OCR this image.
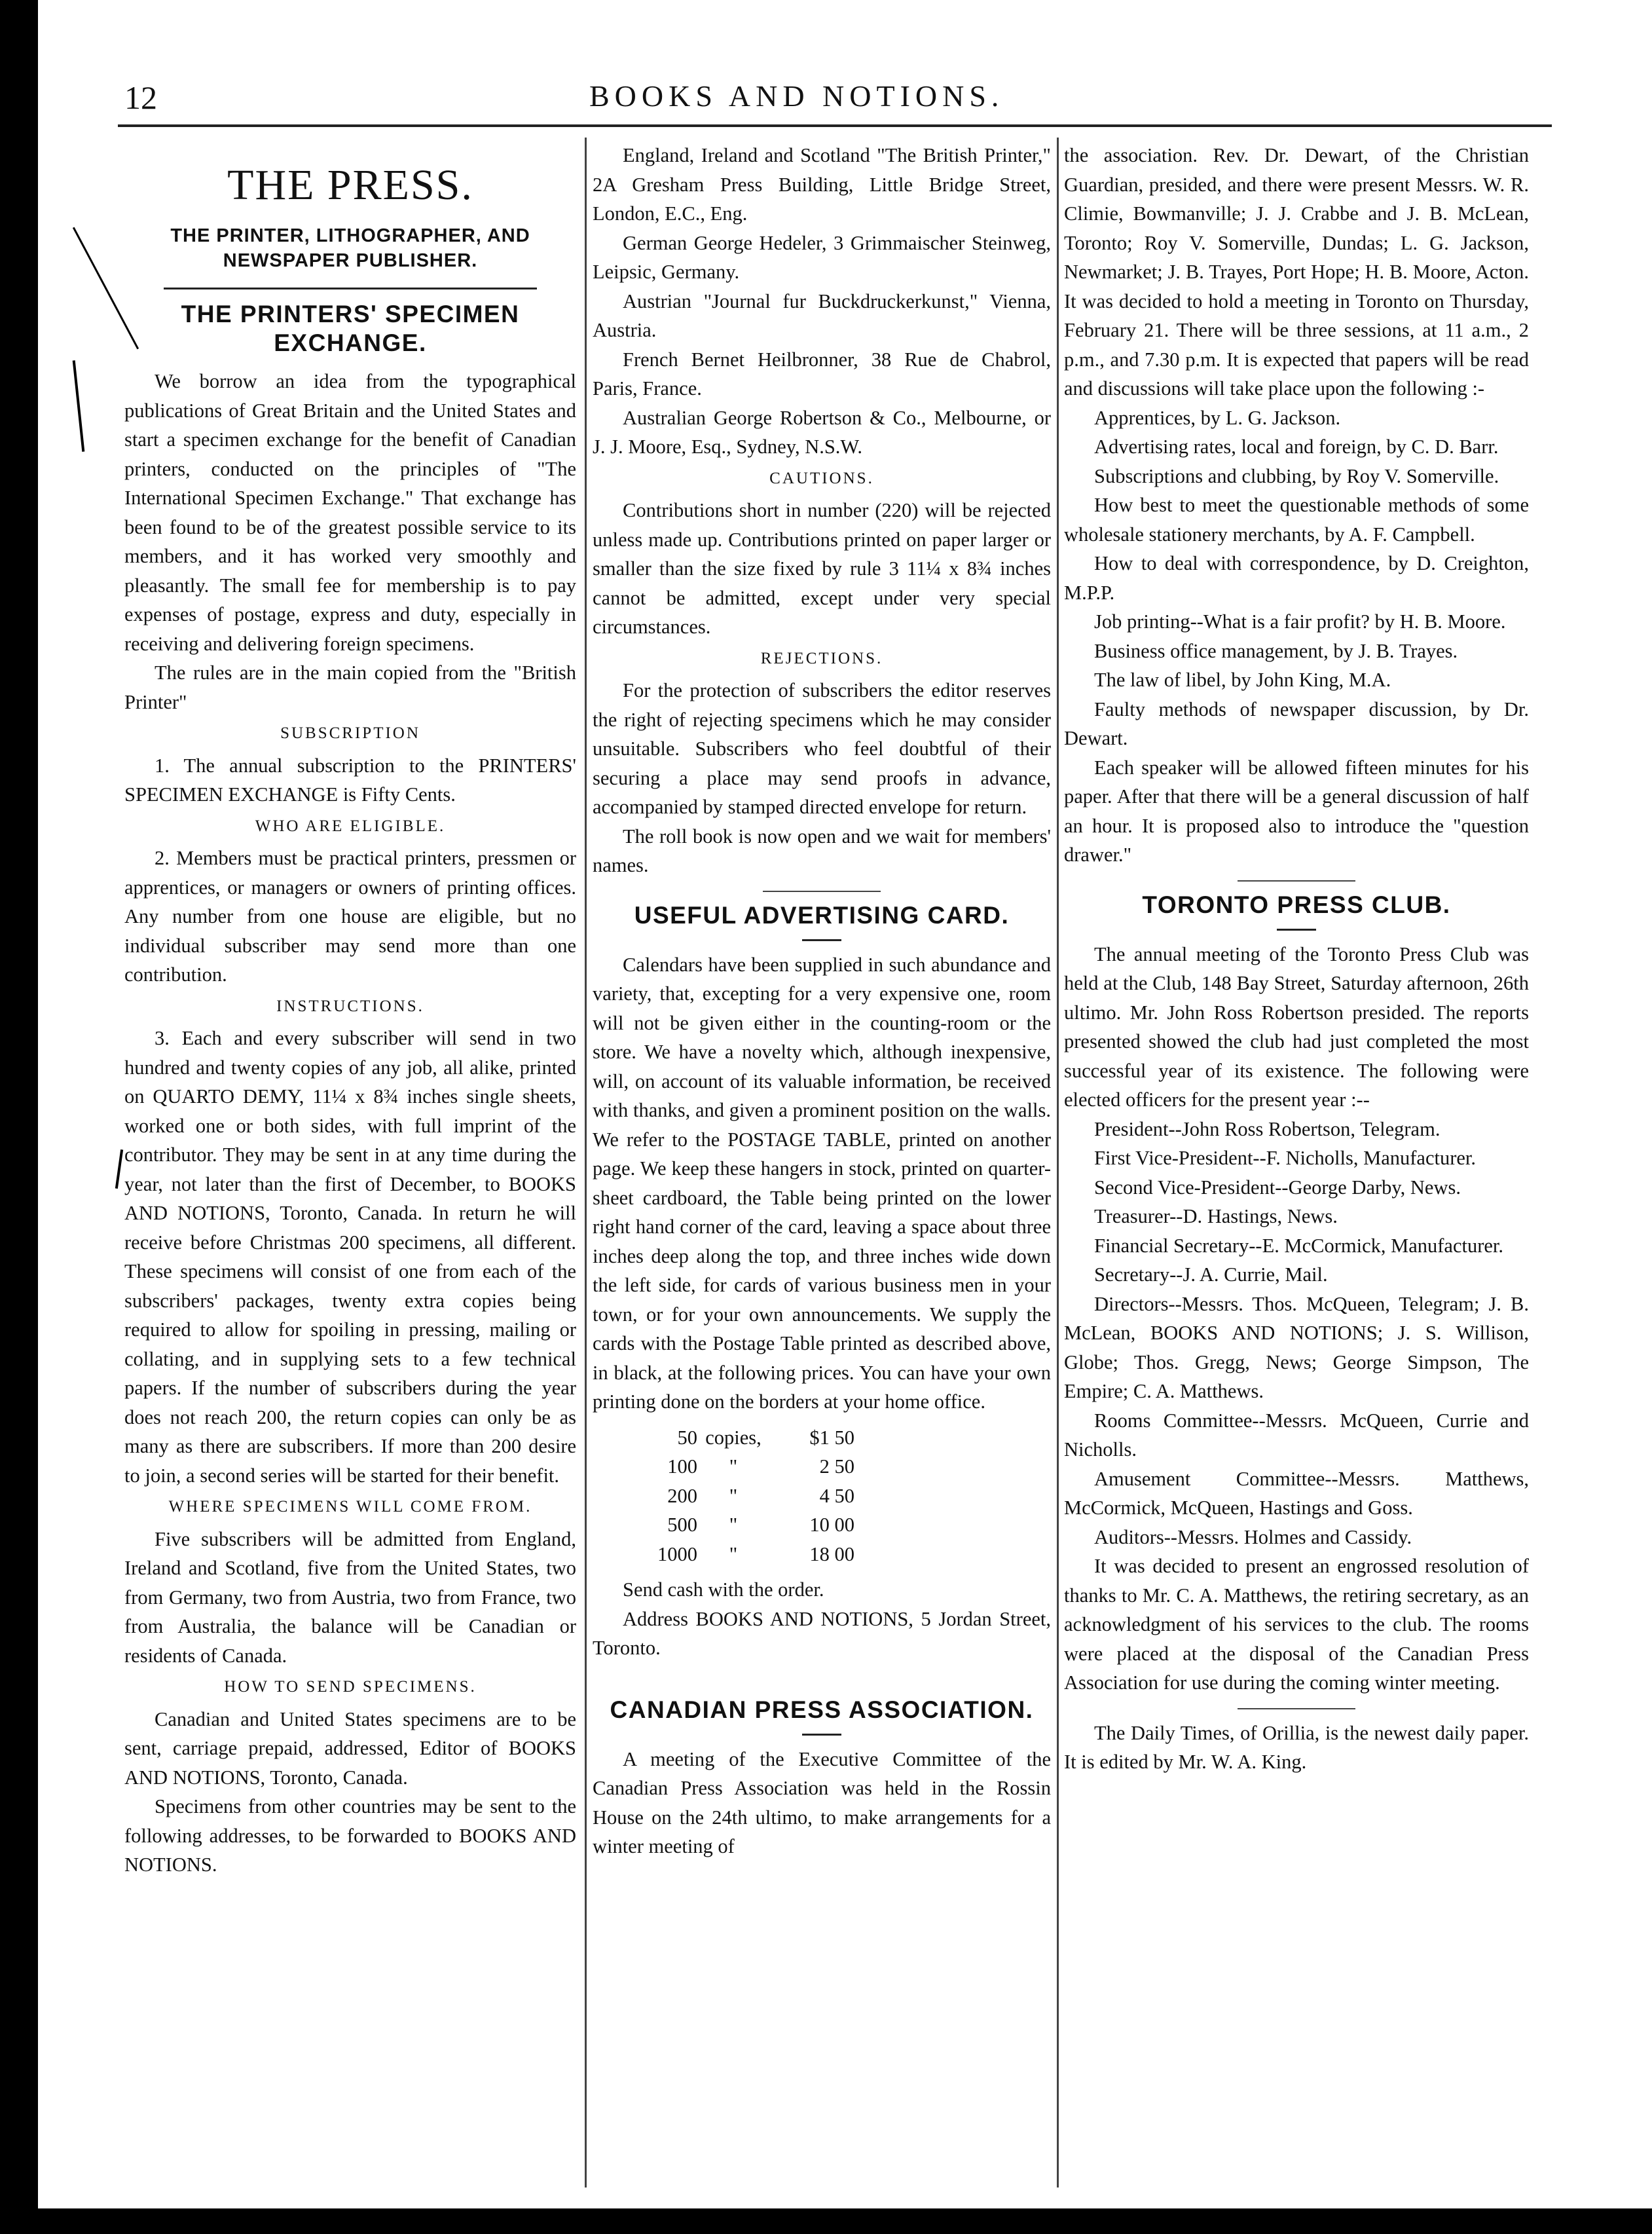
12	BOOKS AND NOTIONS.
THE PRESS.
THE PRINTER, LITHOGRAPHER, AND NEWSPAPER PUBLISHER.
THE PRINTERS' SPECIMEN EXCHANGE.

We borrow an idea from the typographical publications of Great Britain and the United States and start a specimen exchange for the benefit of Canadian printers, conducted on the principles of "The International Specimen Exchange." That exchange has been found to be of the greatest possible service to its members, and it has worked very smoothly and pleasantly. The small fee for membership is to pay expenses of postage, express and duty, especially in receiving and delivering foreign specimens.

The rules are in the main copied from the "British Printer"

SUBSCRIPTION

1. The annual subscription to the PRINTERS' SPECIMEN EXCHANGE is Fifty Cents.

WHO ARE ELIGIBLE.

2. Members must be practical printers, pressmen or apprentices, or managers or owners of printing offices. Any number from one house are eligible, but no individual subscriber may send more than one contribution.

INSTRUCTIONS.

3. Each and every subscriber will send in two hundred and twenty copies of any job, all alike, printed on QUARTO DEMY, 11¼ x 8¾ inches single sheets, worked one or both sides, with full imprint of the contributor. They may be sent in at any time during the year, not later than the first of December, to BOOKS AND NOTIONS, Toronto, Canada. In return he will receive before Christmas 200 specimens, all different. These specimens will consist of one from each of the subscribers' packages, twenty extra copies being required to allow for spoiling in pressing, mailing or collating, and in supplying sets to a few technical papers. If the number of subscribers during the year does not reach 200, the return copies can only be as many as there are subscribers. If more than 200 desire to join, a second series will be started for their benefit.

WHERE SPECIMENS WILL COME FROM.

Five subscribers will be admitted from England, Ireland and Scotland, five from the United States, two from Germany, two from Austria, two from France, two from Australia, the balance will be Canadian or residents of Canada.

HOW TO SEND SPECIMENS.

Canadian and United States specimens are to be sent, carriage prepaid, addressed, Editor of BOOKS AND NOTIONS, Toronto, Canada.

Specimens from other countries may be sent to the following addresses, to be forwarded to BOOKS AND NOTIONS.

England, Ireland and Scotland "The British Printer," 2A Gresham Press Building, Little Bridge Street, London, E.C., Eng.

German George Hedeler, 3 Grimmaischer Steinweg, Leipsic, Germany.

Austrian "Journal fur Buckdruckerkunst," Vienna, Austria.

French Bernet Heilbronner, 38 Rue de Chabrol, Paris, France.

Australian George Robertson & Co., Melbourne, or J. J. Moore, Esq., Sydney, N.S.W.

CAUTIONS.

Contributions short in number (220) will be rejected unless made up. Contributions printed on paper larger or smaller than the size fixed by rule 3 11¼ x 8¾ inches cannot be admitted, except under very special circumstances.

REJECTIONS.

For the protection of subscribers the editor reserves the right of rejecting specimens which he may consider unsuitable. Subscribers who feel doubtful of their securing a place may send proofs in advance, accompanied by stamped directed envelope for return.

The roll book is now open and we wait for members' names.

USEFUL ADVERTISING CARD.

Calendars have been supplied in such abundance and variety, that, excepting for a very expensive one, room will not be given either in the counting-room or the store. We have a novelty which, although inexpensive, will, on account of its valuable information, be received with thanks, and given a prominent position on the walls. We refer to the POSTAGE TABLE, printed on another page. We keep these hangers in stock, printed on quarter-sheet cardboard, the Table being printed on the lower right hand corner of the card, leaving a space about three inches deep along the top, and three inches wide down the left side, for cards of various business men in your town, or for your own announcements. We supply the cards with the Postage Table printed as described above, in black, at the following prices. You can have your own printing done on the borders at your home office.

50 copies,	$1 50
100	"	2 50
200	"	4 50
500	"	10 00
1000	"	18 00

Send cash with the order.

Address BOOKS AND NOTIONS, 5 Jordan Street, Toronto.

CANADIAN PRESS ASSOCIATION.

A meeting of the Executive Committee of the Canadian Press Association was held in the Rossin House on the 24th ultimo, to make arrangements for a winter meeting of

the association. Rev. Dr. Dewart, of the Christian Guardian, presided, and there were present Messrs. W. R. Climie, Bowmanville; J. J. Crabbe and J. B. McLean, Toronto; Roy V. Somerville, Dundas; L. G. Jackson, Newmarket; J. B. Trayes, Port Hope; H. B. Moore, Acton. It was decided to hold a meeting in Toronto on Thursday, February 21. There will be three sessions, at 11 a.m., 2 p.m., and 7.30 p.m. It is expected that papers will be read and discussions will take place upon the following :-

Apprentices, by L. G. Jackson.

Advertising rates, local and foreign, by C. D. Barr.

Subscriptions and clubbing, by Roy V. Somerville.

How best to meet the questionable methods of some wholesale stationery merchants, by A. F. Campbell.

How to deal with correspondence, by D. Creighton, M.P.P.

Job printing--What is a fair profit? by H. B. Moore.

Business office management, by J. B. Trayes.

The law of libel, by John King, M.A.

Faulty methods of newspaper discussion, by Dr. Dewart.

Each speaker will be allowed fifteen minutes for his paper. After that there will be a general discussion of half an hour. It is proposed also to introduce the "question drawer."

TORONTO PRESS CLUB.

The annual meeting of the Toronto Press Club was held at the Club, 148 Bay Street, Saturday afternoon, 26th ultimo. Mr. John Ross Robertson presided. The reports presented showed the club had just completed the most successful year of its existence. The following were elected officers for the present year :--

President--John Ross Robertson, Telegram.

First Vice-President--F. Nicholls, Manufacturer.

Second Vice-President--George Darby, News.

Treasurer--D. Hastings, News.

Financial Secretary--E. McCormick, Manufacturer.

Secretary--J. A. Currie, Mail.

Directors--Messrs. Thos. McQueen, Telegram; J. B. McLean, BOOKS AND NOTIONS; J. S. Willison, Globe; Thos. Gregg, News; George Simpson, The Empire; C. A. Matthews.

Rooms Committee--Messrs. McQueen, Currie and Nicholls.

Amusement Committee--Messrs. Matthews, McCormick, McQueen, Hastings and Goss.

Auditors--Messrs. Holmes and Cassidy.

It was decided to present an engrossed resolution of thanks to Mr. C. A. Matthews, the retiring secretary, as an acknowledgment of his services to the club. The rooms were placed at the disposal of the Canadian Press Association for use during the coming winter meeting.

The Daily Times, of Orillia, is the newest daily paper. It is edited by Mr. W. A. King.
